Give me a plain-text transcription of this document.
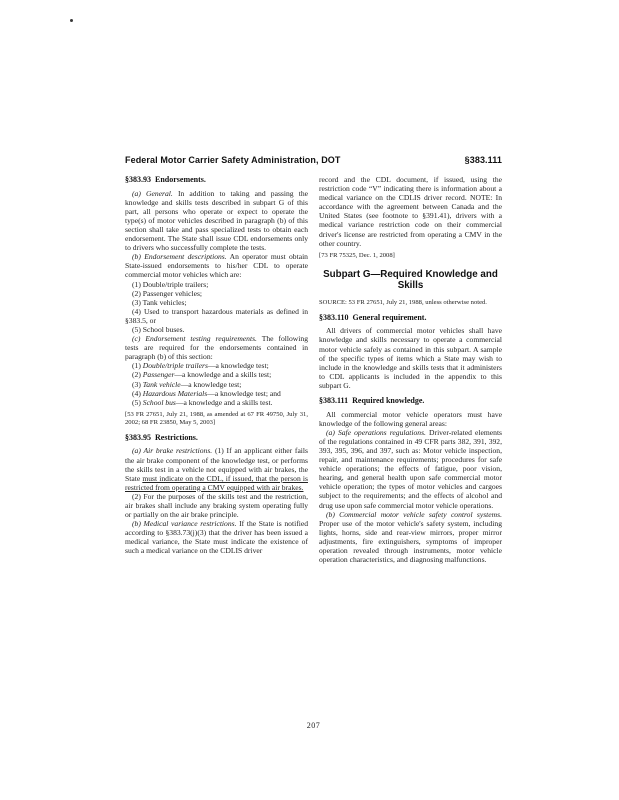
Federal Motor Carrier Safety Administration, DOT	§383.111
§383.93  Endorsements.
(a) General. In addition to taking and passing the knowledge and skills tests described in subpart G of this part, all persons who operate or expect to operate the type(s) of motor vehicles described in paragraph (b) of this section shall take and pass specialized tests to obtain each endorsement. The State shall issue CDL endorsements only to drivers who successfully complete the tests.
(b) Endorsement descriptions. An operator must obtain State-issued endorsements to his/her CDL to operate commercial motor vehicles which are:
(1) Double/triple trailers;
(2) Passenger vehicles;
(3) Tank vehicles;
(4) Used to transport hazardous materials as defined in §383.5, or
(5) School buses.
(c) Endorsement testing requirements. The following tests are required for the endorsements contained in paragraph (b) of this section:
(1) Double/triple trailers—a knowledge test;
(2) Passenger—a knowledge and a skills test;
(3) Tank vehicle—a knowledge test;
(4) Hazardous Materials—a knowledge test; and
(5) School bus—a knowledge and a skills test.
[53 FR 27651, July 21, 1988, as amended at 67 FR 49750, July 31, 2002; 68 FR 23850, May 5, 2003]
§383.95  Restrictions.
(a) Air brake restrictions. (1) If an applicant either fails the air brake component of the knowledge test, or performs the skills test in a vehicle not equipped with air brakes, the State must indicate on the CDL, if issued, that the person is restricted from operating a CMV equipped with air brakes.
(2) For the purposes of the skills test and the restriction, air brakes shall include any braking system operating fully or partially on the air brake principle.
(b) Medical variance restrictions. If the State is notified according to §383.73(j)(3) that the driver has been issued a medical variance, the State must indicate the existence of such a medical variance on the CDLIS driver
record and the CDL document, if issued, using the restriction code “V” indicating there is information about a medical variance on the CDLIS driver record. NOTE: In accordance with the agreement between Canada and the United States (see footnote to §391.41), drivers with a medical variance restriction code on their commercial driver's license are restricted from operating a CMV in the other country.
[73 FR 75325, Dec. 1, 2008]
Subpart G—Required Knowledge and Skills
SOURCE: 53 FR 27651, July 21, 1988, unless otherwise noted.
§383.110  General requirement.
All drivers of commercial motor vehicles shall have knowledge and skills necessary to operate a commercial motor vehicle safely as contained in this subpart. A sample of the specific types of items which a State may wish to include in the knowledge and skills tests that it administers to CDL applicants is included in the appendix to this subpart G.
§383.111  Required knowledge.
All commercial motor vehicle operators must have knowledge of the following general areas:
(a) Safe operations regulations. Driver-related elements of the regulations contained in 49 CFR parts 382, 391, 392, 393, 395, 396, and 397, such as: Motor vehicle inspection, repair, and maintenance requirements; procedures for safe vehicle operations; the effects of fatigue, poor vision, hearing, and general health upon safe commercial motor vehicle operation; the types of motor vehicles and cargoes subject to the requirements; and the effects of alcohol and drug use upon safe commercial motor vehicle operations.
(b) Commercial motor vehicle safety control systems. Proper use of the motor vehicle's safety system, including lights, horns, side and rear-view mirrors, proper mirror adjustments, fire extinguishers, symptoms of improper operation revealed through instruments, motor vehicle operation characteristics, and diagnosing malfunctions.
207
